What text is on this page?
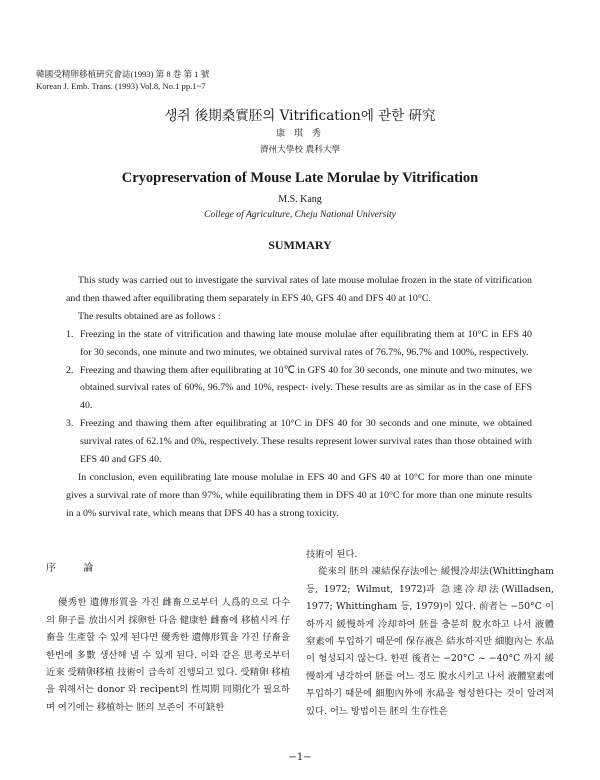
韓國受精卵移植硏究會誌(1993) 第 8 巻 第 1 號
Korean J. Emb. Trans. (1993) Vol.8, No.1 pp.1~7
생쥐 後期桑實胚의 Vitrification에 관한 硏究
康 琪 秀
濟州大學校 農科大學
Cryopreservation of Mouse Late Morulae by Vitrification
M.S. Kang
College of Agriculture, Cheju National University
SUMMARY

This study was carried out to investigate the survival rates of late mouse molulae frozen in the state of vitrification and then thawed after equilibrating them separately in EFS 40, GFS 40 and DFS 40 at 10°C.

The results obtained are as follows :

1. Freezing in the state of vitrification and thawing late mouse molulae after equilibrating them at 10°C in EFS 40 for 30 seconds, one minute and two minutes, we obtained survival rates of 76.7%, 96.7% and 100%, respectively.

2. Freezing and thawing them after equilibrating at 10℃ in GFS 40 for 30 seconds, one minute and two minutes, we obtained survival rates of 60%, 96.7% and 10%, respect- ively. These results are as similar as in the case of EFS 40.

3. Freezing and thawing them after equilibrating at 10°C in DFS 40 for 30 seconds and one minute, we obtained survival rates of 62.1% and 0%, respectively. These results represent lower survival rates than those obtained with EFS 40 and GFS 40.

In conclusion, even equilibrating late mouse molulae in EFS 40 and GFS 40 at 10°C for more than one minute gives a survival rate of more than 97%, while equilibrating them in DFS 40 at 10°C for more than one minute results in a 0% survival rate, which means that DFS 40 has a strong toxicity.

序 論

優秀한 遺傳形質을 가진 雌畜으로부터 人爲的으로 다수의 卵子를 放出시켜 採卵한 다음 健康한 雌畜에 移植시켜 仔畜을 生產할 수 있게 된다면 優秀한 遺傳形質을 가진 仔畜을 한번에 多數 생산해 낼 수 있게 된다. 이와 같은 思考로부터 近來 受精卵移植 技術이 급속히 진행되고 있다. 受精卵 移植을 위해서는 donor 와 recipent의 性周期 同期化가 필요하며 여기에는 移植하는 胚의 보존이 不可缺한

技術이 된다.

從來의 胚의 凍結保存法에는 緩慢冷却法(Whittingham 등, 1972; Wilmut, 1972)과 急速冷却法(Willadsen, 1977; Whittingham 등, 1979)이 있다. 前者는 −50°C 이하까지 緩慢하게 冷却하여 胚를 충분히 脫水하고 나서 液體窒素에 투입하기 때문에 保存液은 結氷하지만 細胞內는 氷晶이 형성되지 않는다. 한편 後者는 −20°C ~ −40°C 까지 緩慢하게 냉각하여 胚를 어느 정도 脫水시키고 나서 液體窒素에 투입하기 때문에 細胞內外에 氷晶을 형성한다는 것이 알려져 있다. 어느 방법이든 胚의 生存性은

−1−
